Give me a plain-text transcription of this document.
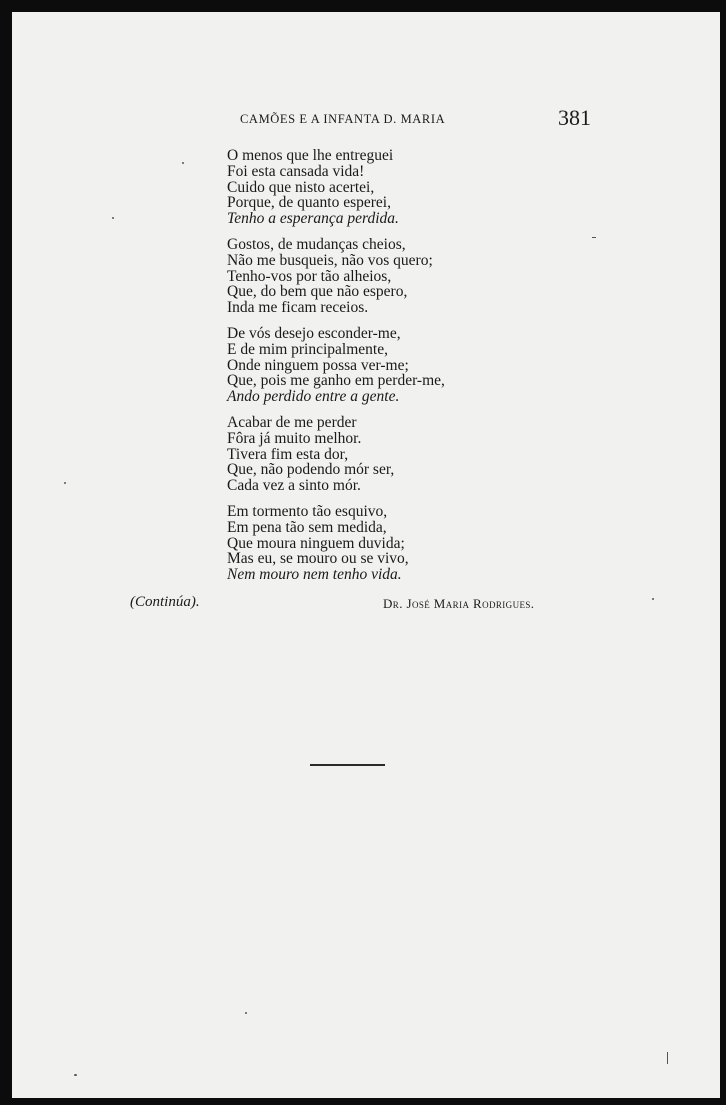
CAMÕES E A INFANTA D. MARIA	381
O menos que lhe entreguei
Foi esta cansada vida!
Cuido que nisto acertei,
Porque, de quanto esperei,
Tenho a esperança perdida.
Gostos, de mudanças cheios,
Não me busqueis, não vos quero;
Tenho-vos por tão alheios,
Que, do bem que não espero,
Inda me ficam receios.
De vós desejo esconder-me,
E de mim principalmente,
Onde ninguem possa ver-me;
Que, pois me ganho em perder-me,
Ando perdido entre a gente.
Acabar de me perder
Fôra já muito melhor.
Tivera fim esta dor,
Que, não podendo mór ser,
Cada vez a sinto mór.
Em tormento tão esquivo,
Em pena tão sem medida,
Que moura ninguem duvida;
Mas eu, se mouro ou se vivo,
Nem mouro nem tenho vida.
(Continúa).	Dr. José Maria Rodrigues.
